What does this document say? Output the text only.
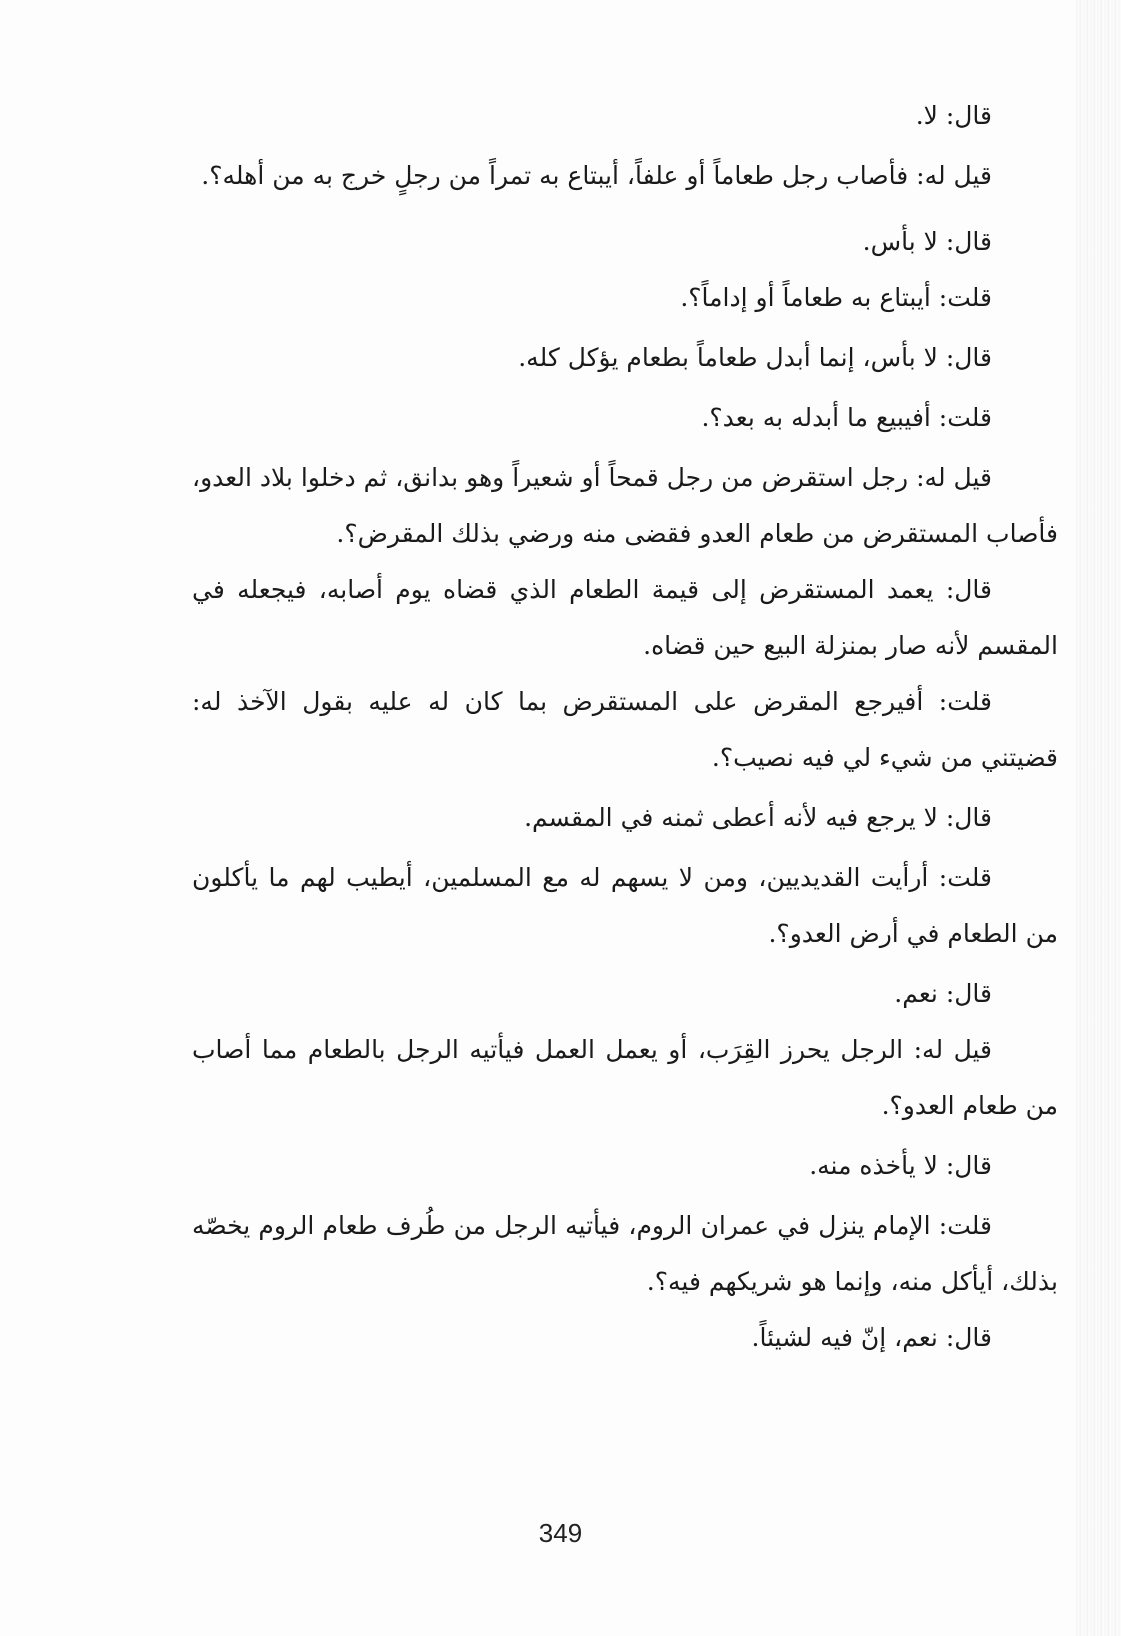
قال: لا.

قيل له: فأصاب رجل طعاماً أو علفاً، أيبتاع به تمراً من رجلٍ خرج به من أهله؟.

قال: لا بأس.

قلت: أيبتاع به طعاماً أو إداماً؟.

قال: لا بأس، إنما أبدل طعاماً بطعام يؤكل كله.

قلت: أفيبيع ما أبدله به بعد؟.

قيل له: رجل استقرض من رجل قمحاً أو شعيراً وهو بدانق، ثم دخلوا بلاد العدو، فأصاب المستقرض من طعام العدو فقضى منه ورضي بذلك المقرض؟.

قال: يعمد المستقرض إلى قيمة الطعام الذي قضاه يوم أصابه، فيجعله في المقسم لأنه صار بمنزلة البيع حين قضاه.

قلت: أفيرجع المقرض على المستقرض بما كان له عليه بقول الآخذ له: قضيتني من شيء لي فيه نصيب؟.

قال: لا يرجع فيه لأنه أعطى ثمنه في المقسم.

قلت: أرأيت القديديين، ومن لا يسهم له مع المسلمين، أيطيب لهم ما يأكلون من الطعام في أرض العدو؟.

قال: نعم.

قيل له: الرجل يحرز القِرَب، أو يعمل العمل فيأتيه الرجل بالطعام مما أصاب من طعام العدو؟.

قال: لا يأخذه منه.

قلت: الإمام ينزل في عمران الروم، فيأتيه الرجل من طُرف طعام الروم يخصّه بذلك، أيأكل منه، وإنما هو شريكهم فيه؟.

قال: نعم، إنّ فيه لشيئاً.

349
